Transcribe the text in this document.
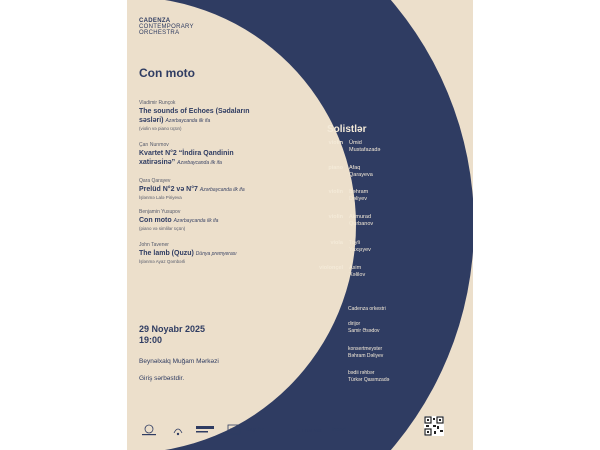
CADENZA
CONTEMPORARY
ORCHESTRA
Con moto
Vladimir Runçok
The sounds of Echoes (Sədaların
səsləri) Azərbaycanda ilk ifa
(violin və piano üçün)
Çarı Nurımov
Kvartet N°2 “İndira Qandinin
xatirəsinə” Azərbaycanda ilk ifa
Qara Qarayev
Prelüd N°2 və N°7 Azərbaycanda ilk ifa
İşlənmə Lalə Piriyeva
Benjamin Yusupov
Con moto Azərbaycanda ilk ifa
(piano və simlilər üçün)
John Tavener
The lamb (Quzu) Dünya premyerası
İşlənmə Ayaz Qəmbərli
29 Noyabr 2025
19:00
Beynəlxalq Muğam Mərkəzi
Giriş sərbəstdir.
Solistlər
violin Ümid
Mustafazadə
piano Afaq
Qarayeva
violin Bəhram
Dəliyev
violin Akmurad
Qurbanov
viola Toyli
Yaxşıyev
violonçel Asim
Xəlilov
Cadenza orkestri
dirijor
Samir Əsədov
konsertmeyster
Bəhram Dəliyev
bədii rəhbər
Türkər Qasımzadə
Day.Az	AZERNEWS trend
